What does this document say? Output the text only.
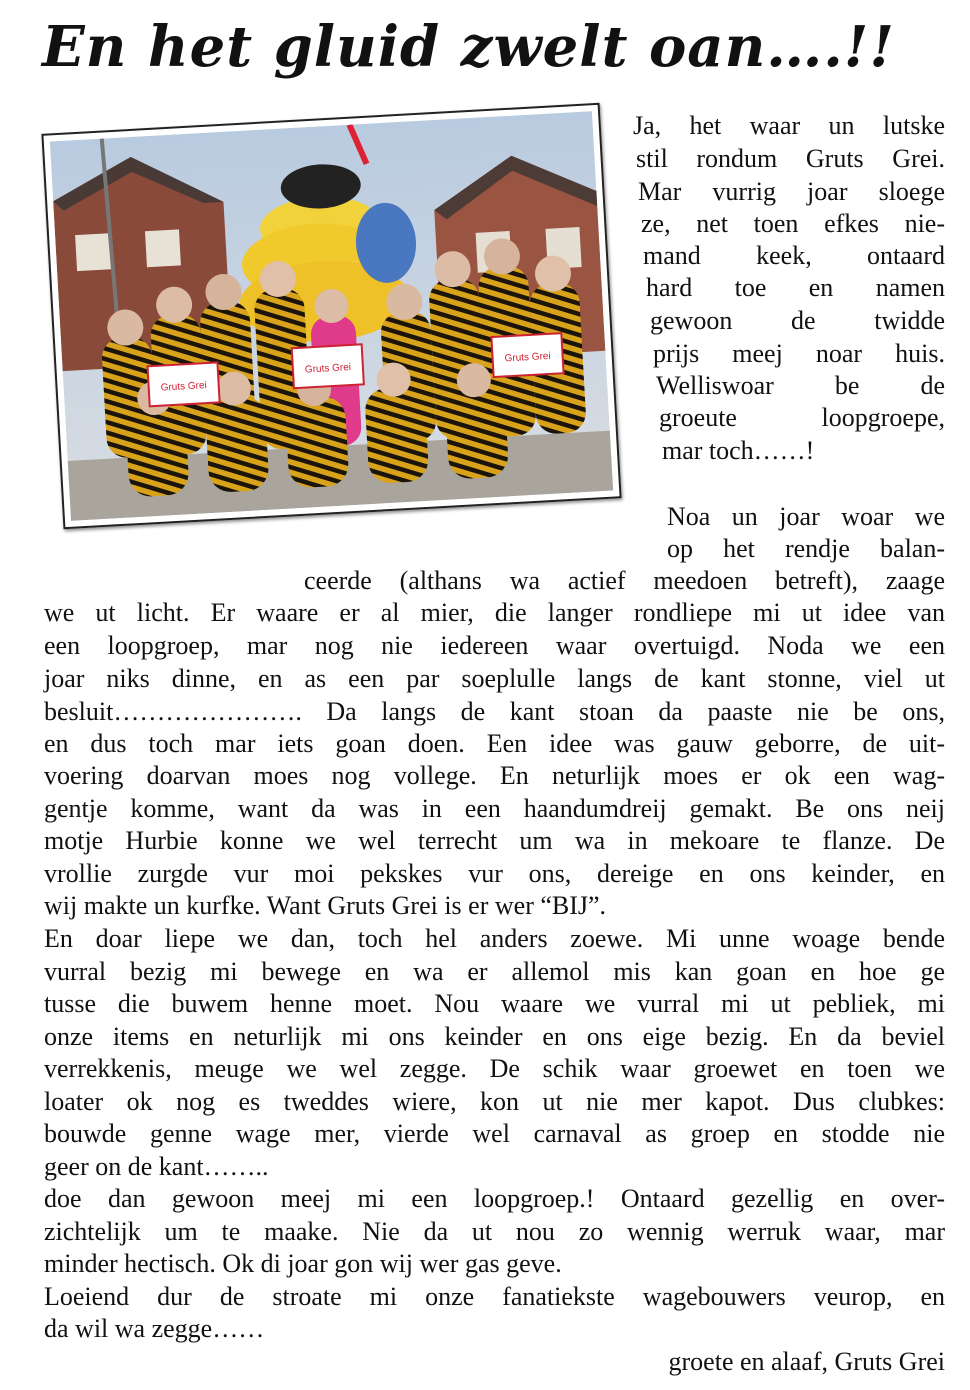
En het gluid zwelt oan….!!
Gruts Grei
Gruts Grei
Gruts Grei
Ja, het waar un lutske
stil rondum Gruts Grei.
Mar vurrig joar sloege
ze, net toen efkes nie-
mand keek, ontaard
hard toe en namen
gewoon de twidde
prijs meej noar huis.
Welliswoar be de
groeute loopgroepe,
mar toch……!
Noa un joar woar we
op het rendje balan-
ceerde (althans wa actief meedoen betreft), zaage
we ut licht. Er waare er al mier, die langer rondliepe mi ut idee van
een loopgroep, mar nog nie iedereen waar overtuigd. Noda we een
joar niks dinne, en as een par soeplulle langs de kant stonne, viel ut
besluit…………………. Da langs de kant stoan da paaste nie be ons,
en dus toch mar iets goan doen. Een idee was gauw geborre, de uit-
voering doarvan moes nog vollege. En neturlijk moes er ok een wag-
gentje komme, want da was in een haandumdreij gemakt. Be ons neij
motje Hurbie konne we wel terrecht um wa in mekoare te flanze. De
vrollie zurgde vur moi pekskes vur ons, dereige en ons keinder, en
wij makte un kurfke. Want Gruts Grei is er wer “BIJ”.
En doar liepe we dan, toch hel anders zoewe. Mi unne woage bende
vurral bezig mi bewege en wa er allemol mis kan goan en hoe ge
tusse die buwem henne moet. Nou waare we vurral mi ut pebliek, mi
onze items en neturlijk mi ons keinder en ons eige bezig. En da beviel
verrekkenis, meuge we wel zegge. De schik waar groewet en toen we
loater ok nog es tweddes wiere, kon ut nie mer kapot. Dus clubkes:
bouwde genne wage mer, vierde wel carnaval as groep en stodde nie
geer on de kant……..
doe dan gewoon meej mi een loopgroep.! Ontaard gezellig en over-
zichtelijk um te maake. Nie da ut nou zo wennig werruk waar, mar
minder hectisch. Ok di joar gon wij wer gas geve.
Loeiend dur de stroate mi onze fanatiekste wagebouwers veurop, en
da wil wa zegge……
groete en alaaf, Gruts Grei
